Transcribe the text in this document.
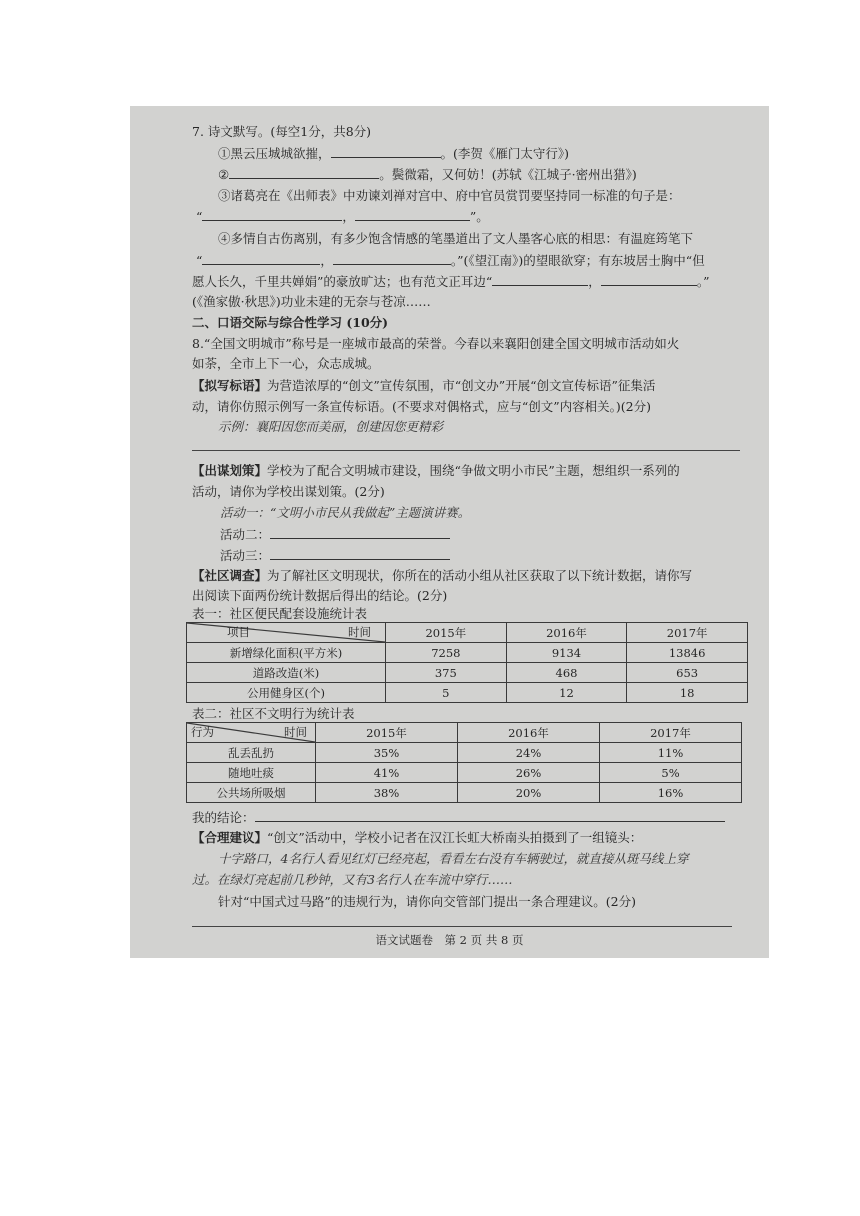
7. 诗文默写。(每空1分，共8分)
①黑云压城城欲摧，	。(李贺《雁门太守行》)
②	。鬓微霜，又何妨！(苏轼《江城子·密州出猎》)
③诸葛亮在《出师表》中劝谏刘禅对宫中、府中官员赏罚要坚持同一标准的句子是：
“	，	”。
④多情自古伤离别，有多少饱含情感的笔墨道出了文人墨客心底的相思：有温庭筠笔下
“	，	。”(《望江南》)的望眼欲穿；有东坡居士胸中“但
愿人长久，千里共婵娟”的豪放旷达；也有范文正耳边“	，	。”
(《渔家傲·秋思》)功业未建的无奈与苍凉……
二、口语交际与综合性学习 (10分)
8.“全国文明城市”称号是一座城市最高的荣誉。今春以来襄阳创建全国文明城市活动如火
如荼，全市上下一心，众志成城。
【拟写标语】为营造浓厚的“创文”宣传氛围，市“创文办”开展“创文宣传标语”征集活
动，请你仿照示例写一条宣传标语。(不要求对偶格式，应与“创文”内容相关。)(2分)
示例：襄阳因您而美丽，创建因您更精彩
【出谋划策】学校为了配合文明城市建设，围绕“争做文明小市民”主题，想组织一系列的
活动，请你为学校出谋划策。(2分)
活动一：“文明小市民从我做起”主题演讲赛。
活动二：
活动三：
【社区调查】为了解社区文明现状，你所在的活动小组从社区获取了以下统计数据，请你写
出阅读下面两份统计数据后得出的结论。(2分)
表一：社区便民配套设施统计表
项目 时间	2015年	2016年	2017年
新增绿化面积(平方米)	7258	9134	13846
道路改造(米)	375	468	653
公用健身区(个)	5	12	18
表二：社区不文明行为统计表
行为 时间	2015年	2016年	2017年
乱丢乱扔	35%	24%	11%
随地吐痰	41%	26%	5%
公共场所吸烟	38%	20%	16%
我的结论：
【合理建议】“创文”活动中，学校小记者在汉江长虹大桥南头拍摄到了一组镜头：
十字路口，4名行人看见红灯已经亮起，看看左右没有车辆驶过，就直接从斑马线上穿
过。在绿灯亮起前几秒钟，又有3名行人在车流中穿行……
针对“中国式过马路”的违规行为，请你向交管部门提出一条合理建议。(2分)
语文试题卷　第 2 页 共 8 页
